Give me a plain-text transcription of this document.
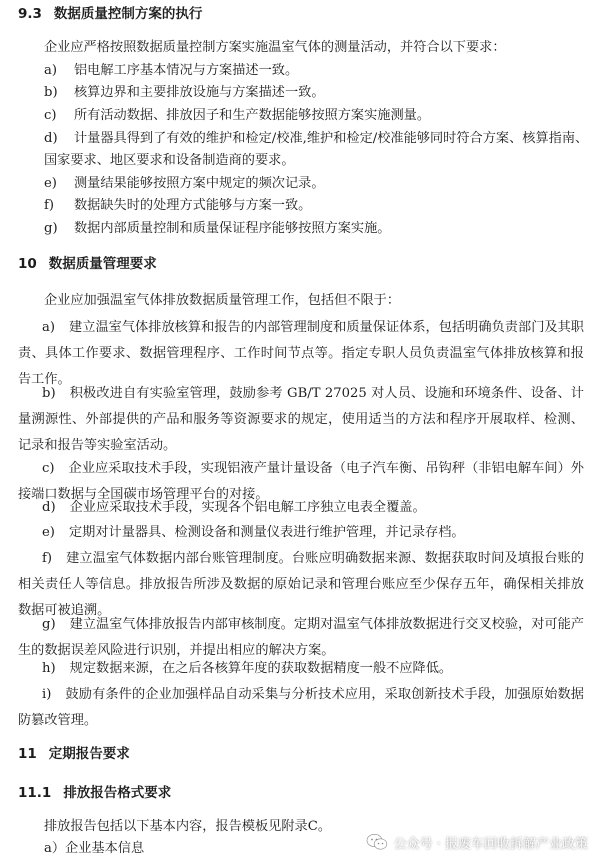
9.3 数据质量控制方案的执行
企业应严格按照数据质量控制方案实施温室气体的测量活动，并符合以下要求：
a) 铝电解工序基本情况与方案描述一致。
b) 核算边界和主要排放设施与方案描述一致。
c) 所有活动数据、排放因子和生产数据能够按照方案实施测量。
d) 计量器具得到了有效的维护和检定/校准,维护和检定/校准能够同时符合方案、核算指南、
国家要求、地区要求和设备制造商的要求。
e) 测量结果能够按照方案中规定的频次记录。
f) 数据缺失时的处理方式能够与方案一致。
g) 数据内部质量控制和质量保证程序能够按照方案实施。
10 数据质量管理要求
企业应加强温室气体排放数据质量管理工作，包括但不限于：

a) 建立温室气体排放核算和报告的内部管理制度和质量保证体系，包括明确负责部门及其职责、具体工作要求、数据管理程序、工作时间节点等。指定专职人员负责温室气体排放核算和报告工作。

b) 积极改进自有实验室管理，鼓励参考 GB/T 27025 对人员、设施和环境条件、设备、计量溯源性、外部提供的产品和服务等资源要求的规定，使用适当的方法和程序开展取样、检测、记录和报告等实验室活动。

c) 企业应采取技术手段，实现铝液产量计量设备（电子汽车衡、吊钩秤（非铝电解车间）外接端口数据与全国碳市场管理平台的对接。

d) 企业应采取技术手段，实现各个铝电解工序独立电表全覆盖。

e) 定期对计量器具、检测设备和测量仪表进行维护管理，并记录存档。

f) 建立温室气体数据内部台账管理制度。台账应明确数据来源、数据获取时间及填报台账的相关责任人等信息。排放报告所涉及数据的原始记录和管理台账应至少保存五年，确保相关排放数据可被追溯。

g) 建立温室气体排放报告内部审核制度。定期对温室气体排放数据进行交叉校验，对可能产生的数据误差风险进行识别，并提出相应的解决方案。

h) 规定数据来源，在之后各核算年度的获取数据精度一般不应降低。

i) 鼓励有条件的企业加强样品自动采集与分析技术应用，采取创新技术手段，加强原始数据防篡改管理。

11 定期报告要求
11.1 排放报告格式要求
排放报告包括以下基本内容，报告模板见附录C。
a）企业基本信息	公众号 · 报废车回收拆解产业政策
